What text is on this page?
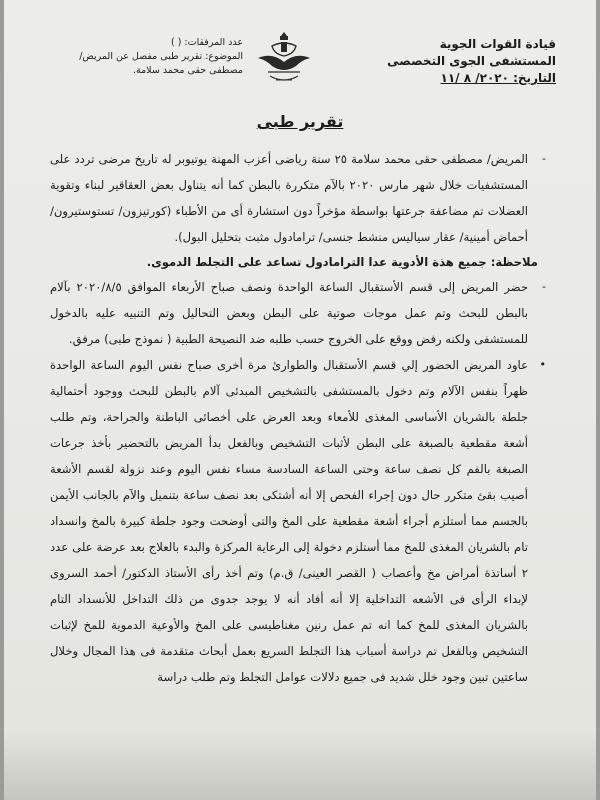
قيادة القوات الجوية
المستشفى الجوى التخصصى
التاريخ: ٢٠٢٠/ ٨ /١١
عدد المرفقات: ( )
الموضوع: تقرير طبى مفصل عن المريض/
مصطفى حقى محمد سلامة.
تقرير طبى

-
المريض/ مصطفى حقى محمد سلامة ٢٥ سنة رياضى أعزب المهنة يوتيوبر له تاريخ مرضى تردد على المستشفيات خلال شهر مارس ٢٠٢٠ بالآم متكررة بالبطن كما أنه يتناول بعض العقاقير لبناء وتقوية العضلات تم مضاعفة جرعتها بواسطة مؤخراً دون استشارة أى من الأطباء (كورتيزون/ تستوستيرون/ أحماض أمينية/ عقار سياليس منشط جنسى/ ترامادول مثبت بتحليل البول).

ملاحظة: جميع هذة الأدوية عدا الترامادول تساعد على التجلط الدموى.

-
حضر المريض إلى قسم الأستقبال الساعة الواحدة ونصف صباح الأربعاء الموافق ٢٠٢٠/٨/٥ بآلام بالبطن للبحث وتم عمل موجات صوتية على البطن وبعض التحاليل وتم التنبيه عليه بالدخول للمستشفى ولكنه رفض ووقع على الخروج حسب طلبه ضد النصيحة الطبية ( نموذج طبى) مرفق.

•
عاود المريض الحضور إلي قسم الأستقبال والطوارئ مرة أخرى صباح نفس اليوم الساعة الواحدة ظهراً بنفس الآلام وتم دخول بالمستشفى بالتشخيص المبدئى آلام بالبطن للبحث ووجود أحتمالية جلطة بالشريان الأساسى المغذى للأمعاء وبعد العرض على أخصائى الباطنة والجراحة، وتم طلب أشعة مقطعية بالصبغة على البطن لأثبات التشخيص وبالفعل بدأ المريض بالتحضير بأخذ جرعات الصبغة بالفم كل نصف ساعة وحتى الساعة السادسة مساء نفس اليوم وعند نزولة لقسم الأشعة أصيب بقئ متكرر حال دون إجراء الفحص إلا أنه أشتكى بعد نصف ساعة بتنميل والآم بالجانب الأيمن بالجسم مما أستلزم أجراء أشعة مقطعية على المخ والتى أوضحت وجود جلطة كبيرة بالمخ وانسداد تام بالشريان المغذى للمخ مما أستلزم دخولة إلى الرعاية المركزة والبدء بالعلاج بعد عرضة على عدد ٢ أساتذة أمراض مخ وأعصاب ( القصر العينى/ ق.م) وتم أخذ رأى الأستاذ الدكتور/ أحمد السروى لإبداء الرأى فى الأشعه التداخلية إلا أنه أفاد أنه لا يوجد جدوى من ذلك التداخل للأنسداد التام بالشريان المغذى للمخ كما انه تم عمل رنين مغناطيسى على المخ والأوعية الدموية للمخ لإثبات التشخيص وبالفعل تم دراسة أسباب هذا التجلط السريع بعمل أبحاث متقدمة فى هذا المجال وخلال ساعتين تبين وجود خلل شديد فى جميع دلالات عوامل التجلط وتم طلب دراسة
